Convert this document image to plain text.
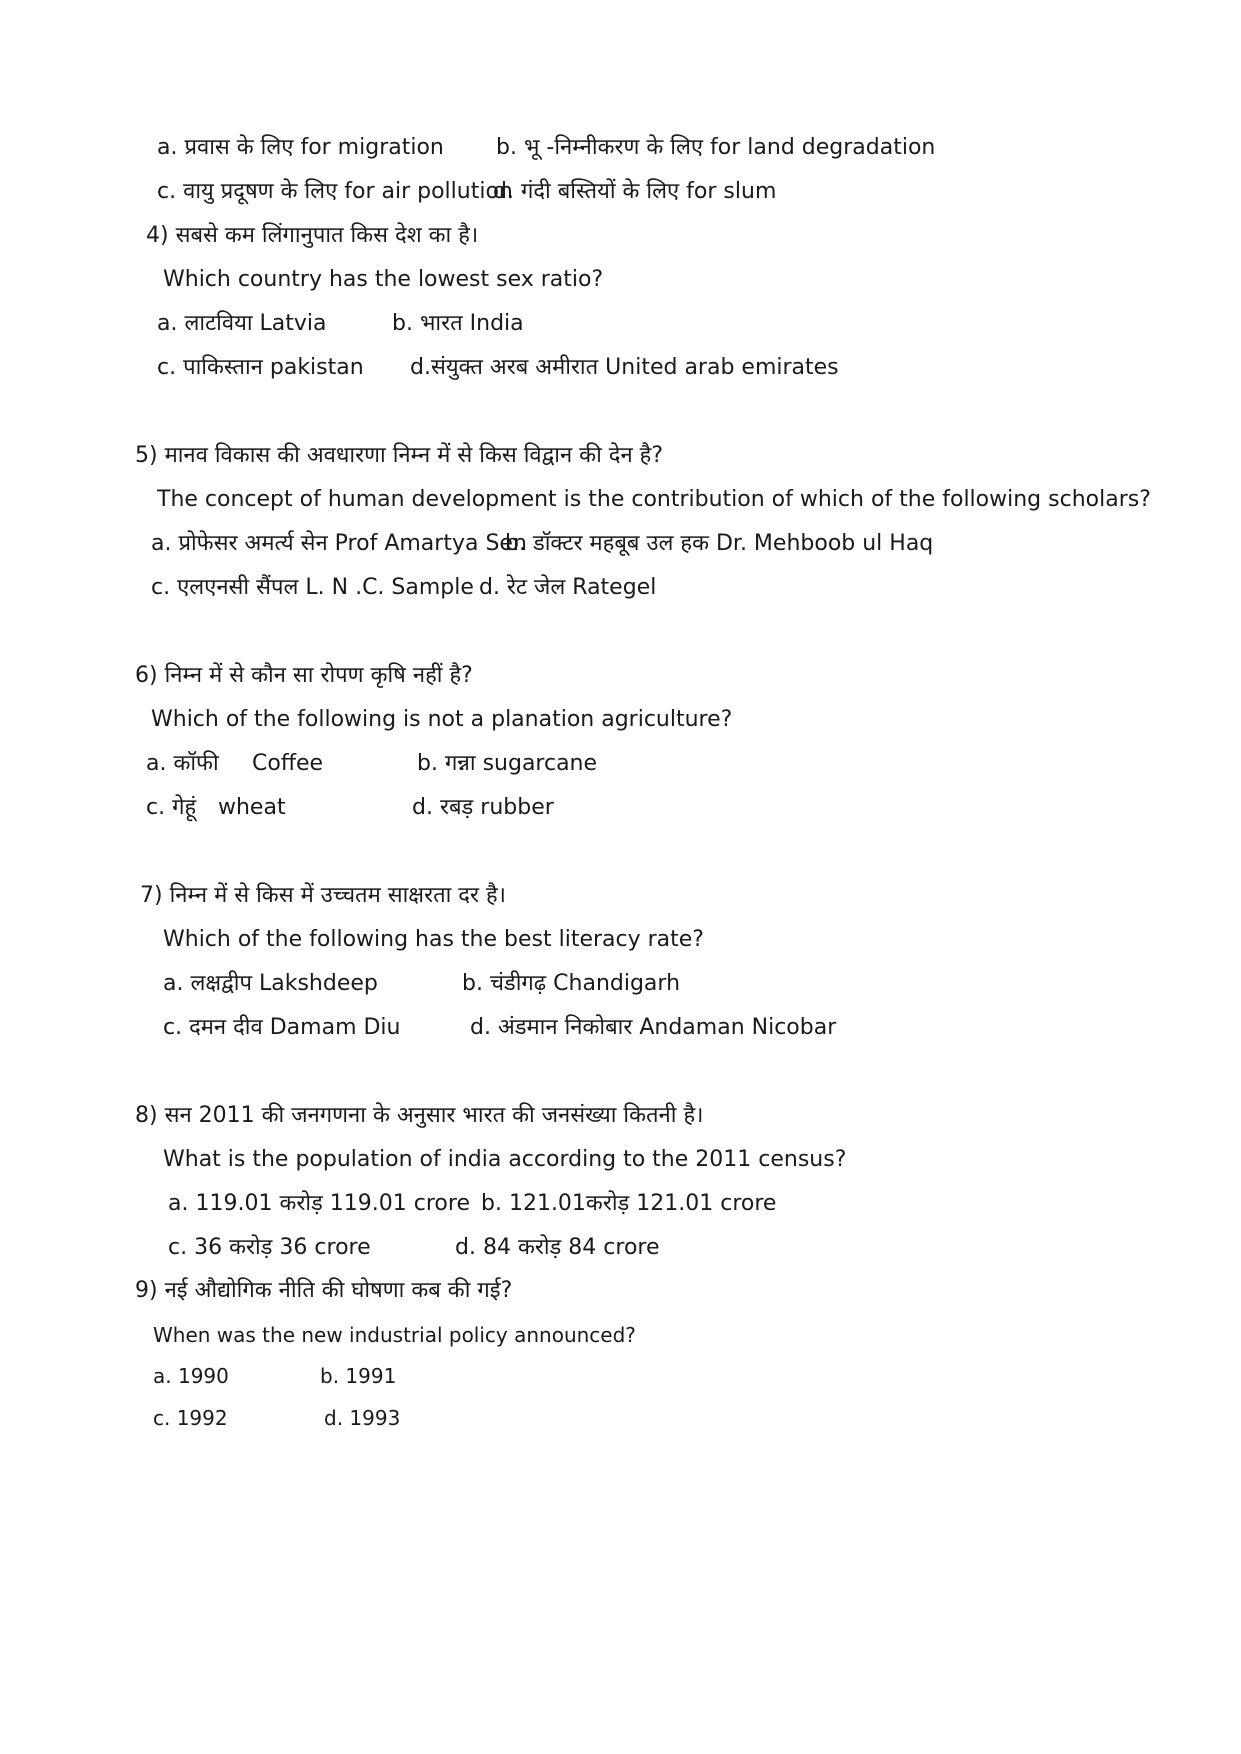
a. प्रवास के लिए for migration b. भू -निम्नीकरण के लिए for land degradation
c. वायु प्रदूषण के लिए for air pollution
d. गंदी बस्तियों के लिए for slum
4) सबसे कम लिंगानुपात किस देश का है।
Which country has the lowest sex ratio?
a. लाटविया Latvia	b. भारत India
c. पाकिस्तान pakistan d.संयुक्त अरब अमीरात United arab emirates
5) मानव विकास की अवधारणा निम्न में से किस विद्वान की देन है?
The concept of human development is the contribution of which of the following scholars?
a. प्रोफेसर अमर्त्य सेन Prof Amartya Sen
b. डॉक्टर महबूब उल हक Dr. Mehboob ul Haq
c. एलएनसी सैंपल L. N .C. Sample d. रेट जेल Rategel
6) निम्न में से कौन सा रोपण कृषि नहीं है?
Which of the following is not a planation agriculture?
a. कॉफी Coffee	b. गन्ना sugarcane
c. गेहूं wheat	d. रबड़ rubber
7) निम्न में से किस में उच्चतम साक्षरता दर है।
Which of the following has the best literacy rate?
a. लक्षद्वीप Lakshdeep	b. चंडीगढ़ Chandigarh
c. दमन दीव Damam Diu	d. अंडमान निकोबार Andaman Nicobar
8) सन 2011 की जनगणना के अनुसार भारत की जनसंख्या कितनी है।
What is the population of india according to the 2011 census?
a. 119.01 करोड़ 119.01 crore b. 121.01करोड़ 121.01 crore
c. 36 करोड़ 36 crore	d. 84 करोड़ 84 crore
9) नई औद्योगिक नीति की घोषणा कब की गई?
When was the new industrial policy announced?
a. 1990	b. 1991
c. 1992	d. 1993
